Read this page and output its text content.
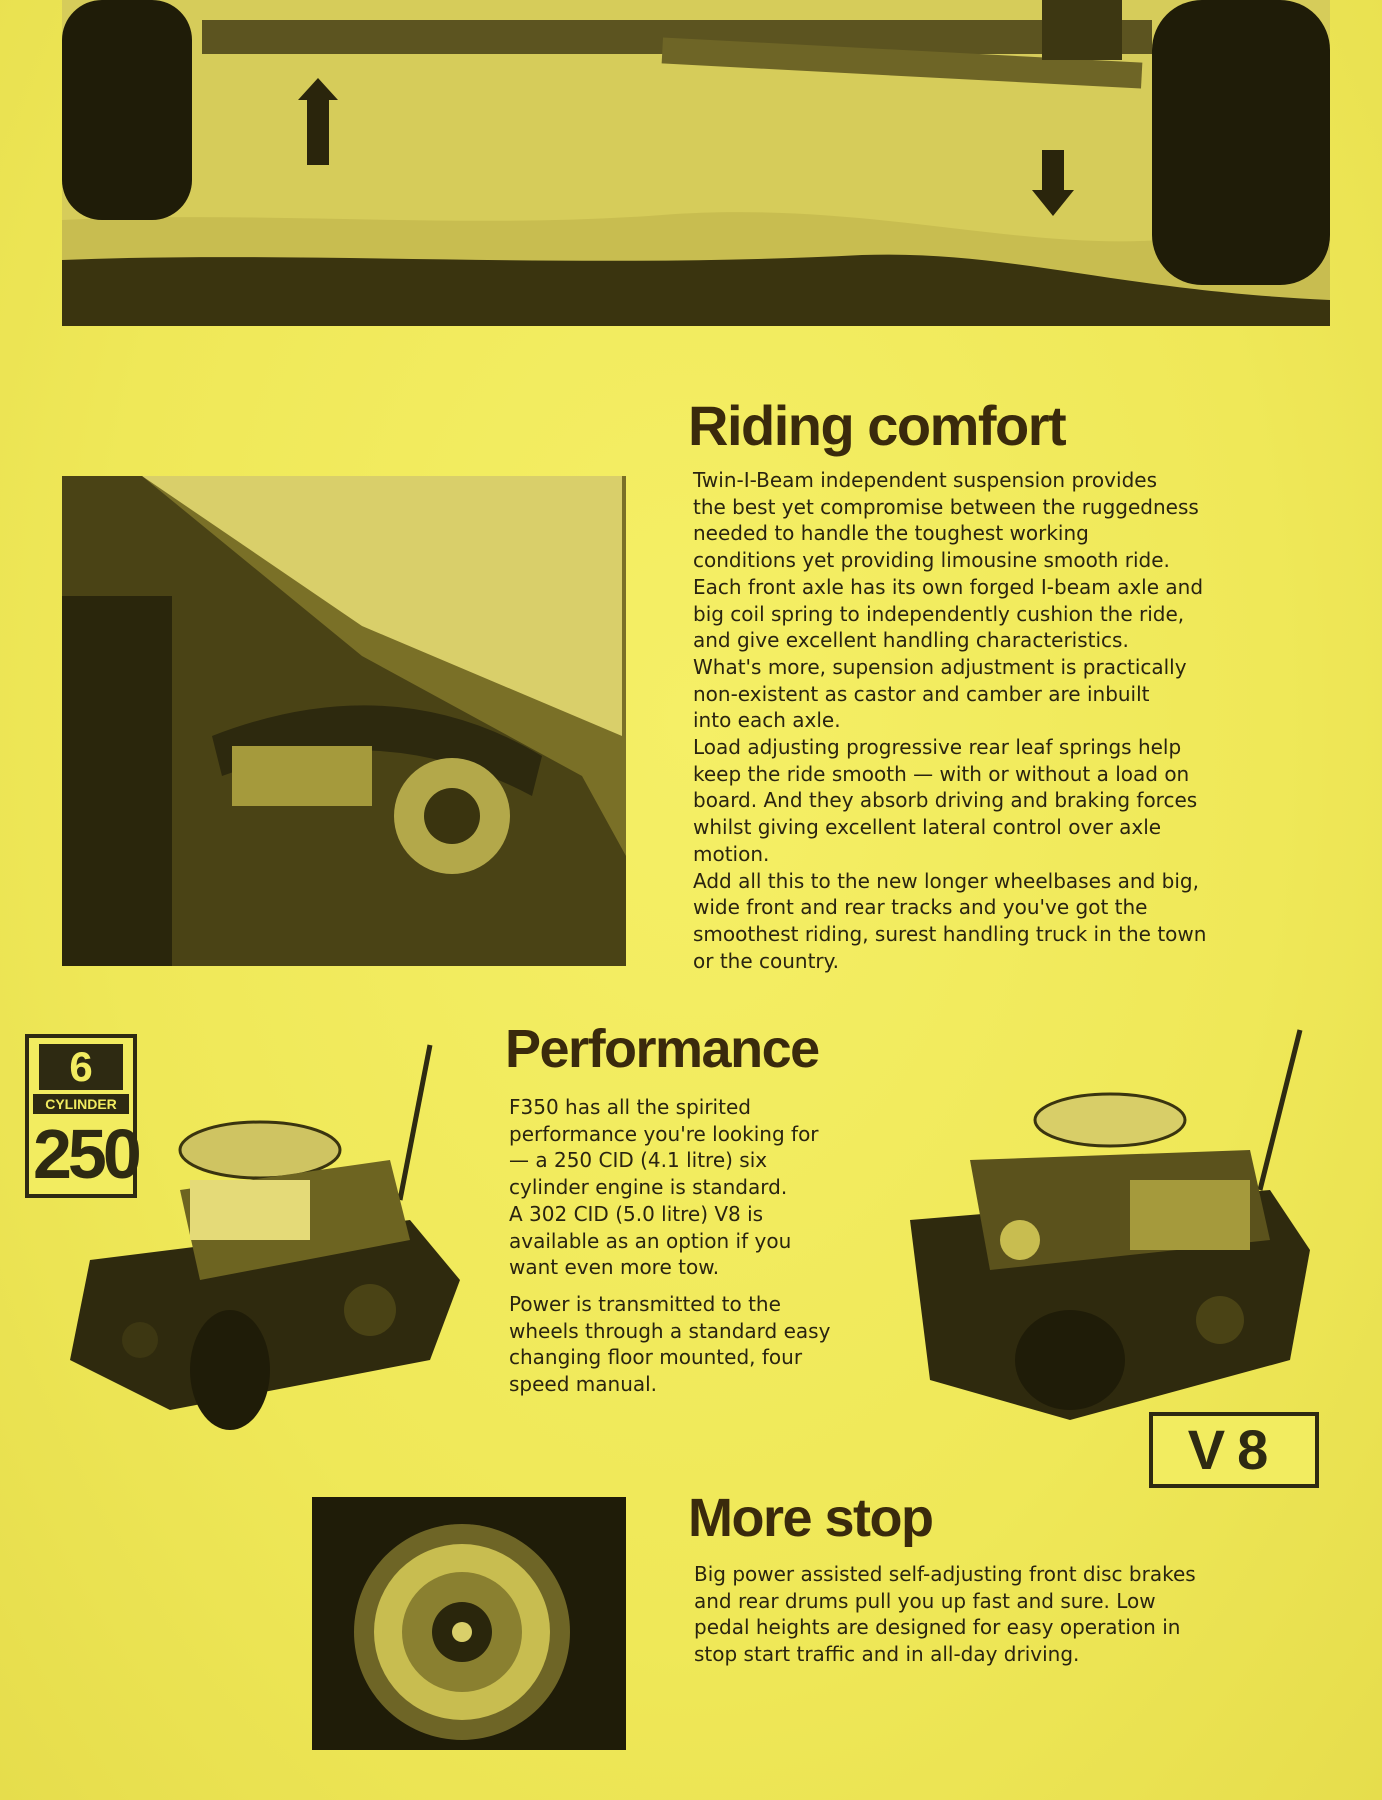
Riding comfort

Twin-I-Beam independent suspension provides
the best yet compromise between the ruggedness
needed to handle the toughest working
conditions yet providing limousine smooth ride.
Each front axle has its own forged I-beam axle and
big coil spring to independently cushion the ride,
and give excellent handling characteristics.
What's more, supension adjustment is practically
non-existent as castor and camber are inbuilt
into each axle.
Load adjusting progressive rear leaf springs help
keep the ride smooth — with or without a load on
board. And they absorb driving and braking forces
whilst giving excellent lateral control over axle
motion.
Add all this to the new longer wheelbases and big,
wide front and rear tracks and you've got the
smoothest riding, surest handling truck in the town
or the country.

6
CYLINDER
250
Performance

F350 has all the spirited
performance you're looking for
— a 250 CID (4.1 litre) six
cylinder engine is standard.
A 302 CID (5.0 litre) V8 is
available as an option if you
want even more tow.

Power is transmitted to the
wheels through a standard easy
changing floor mounted, four
speed manual.

V8
More stop

Big power assisted self-adjusting front disc brakes
and rear drums pull you up fast and sure. Low
pedal heights are designed for easy operation in
stop start traffic and in all-day driving.
